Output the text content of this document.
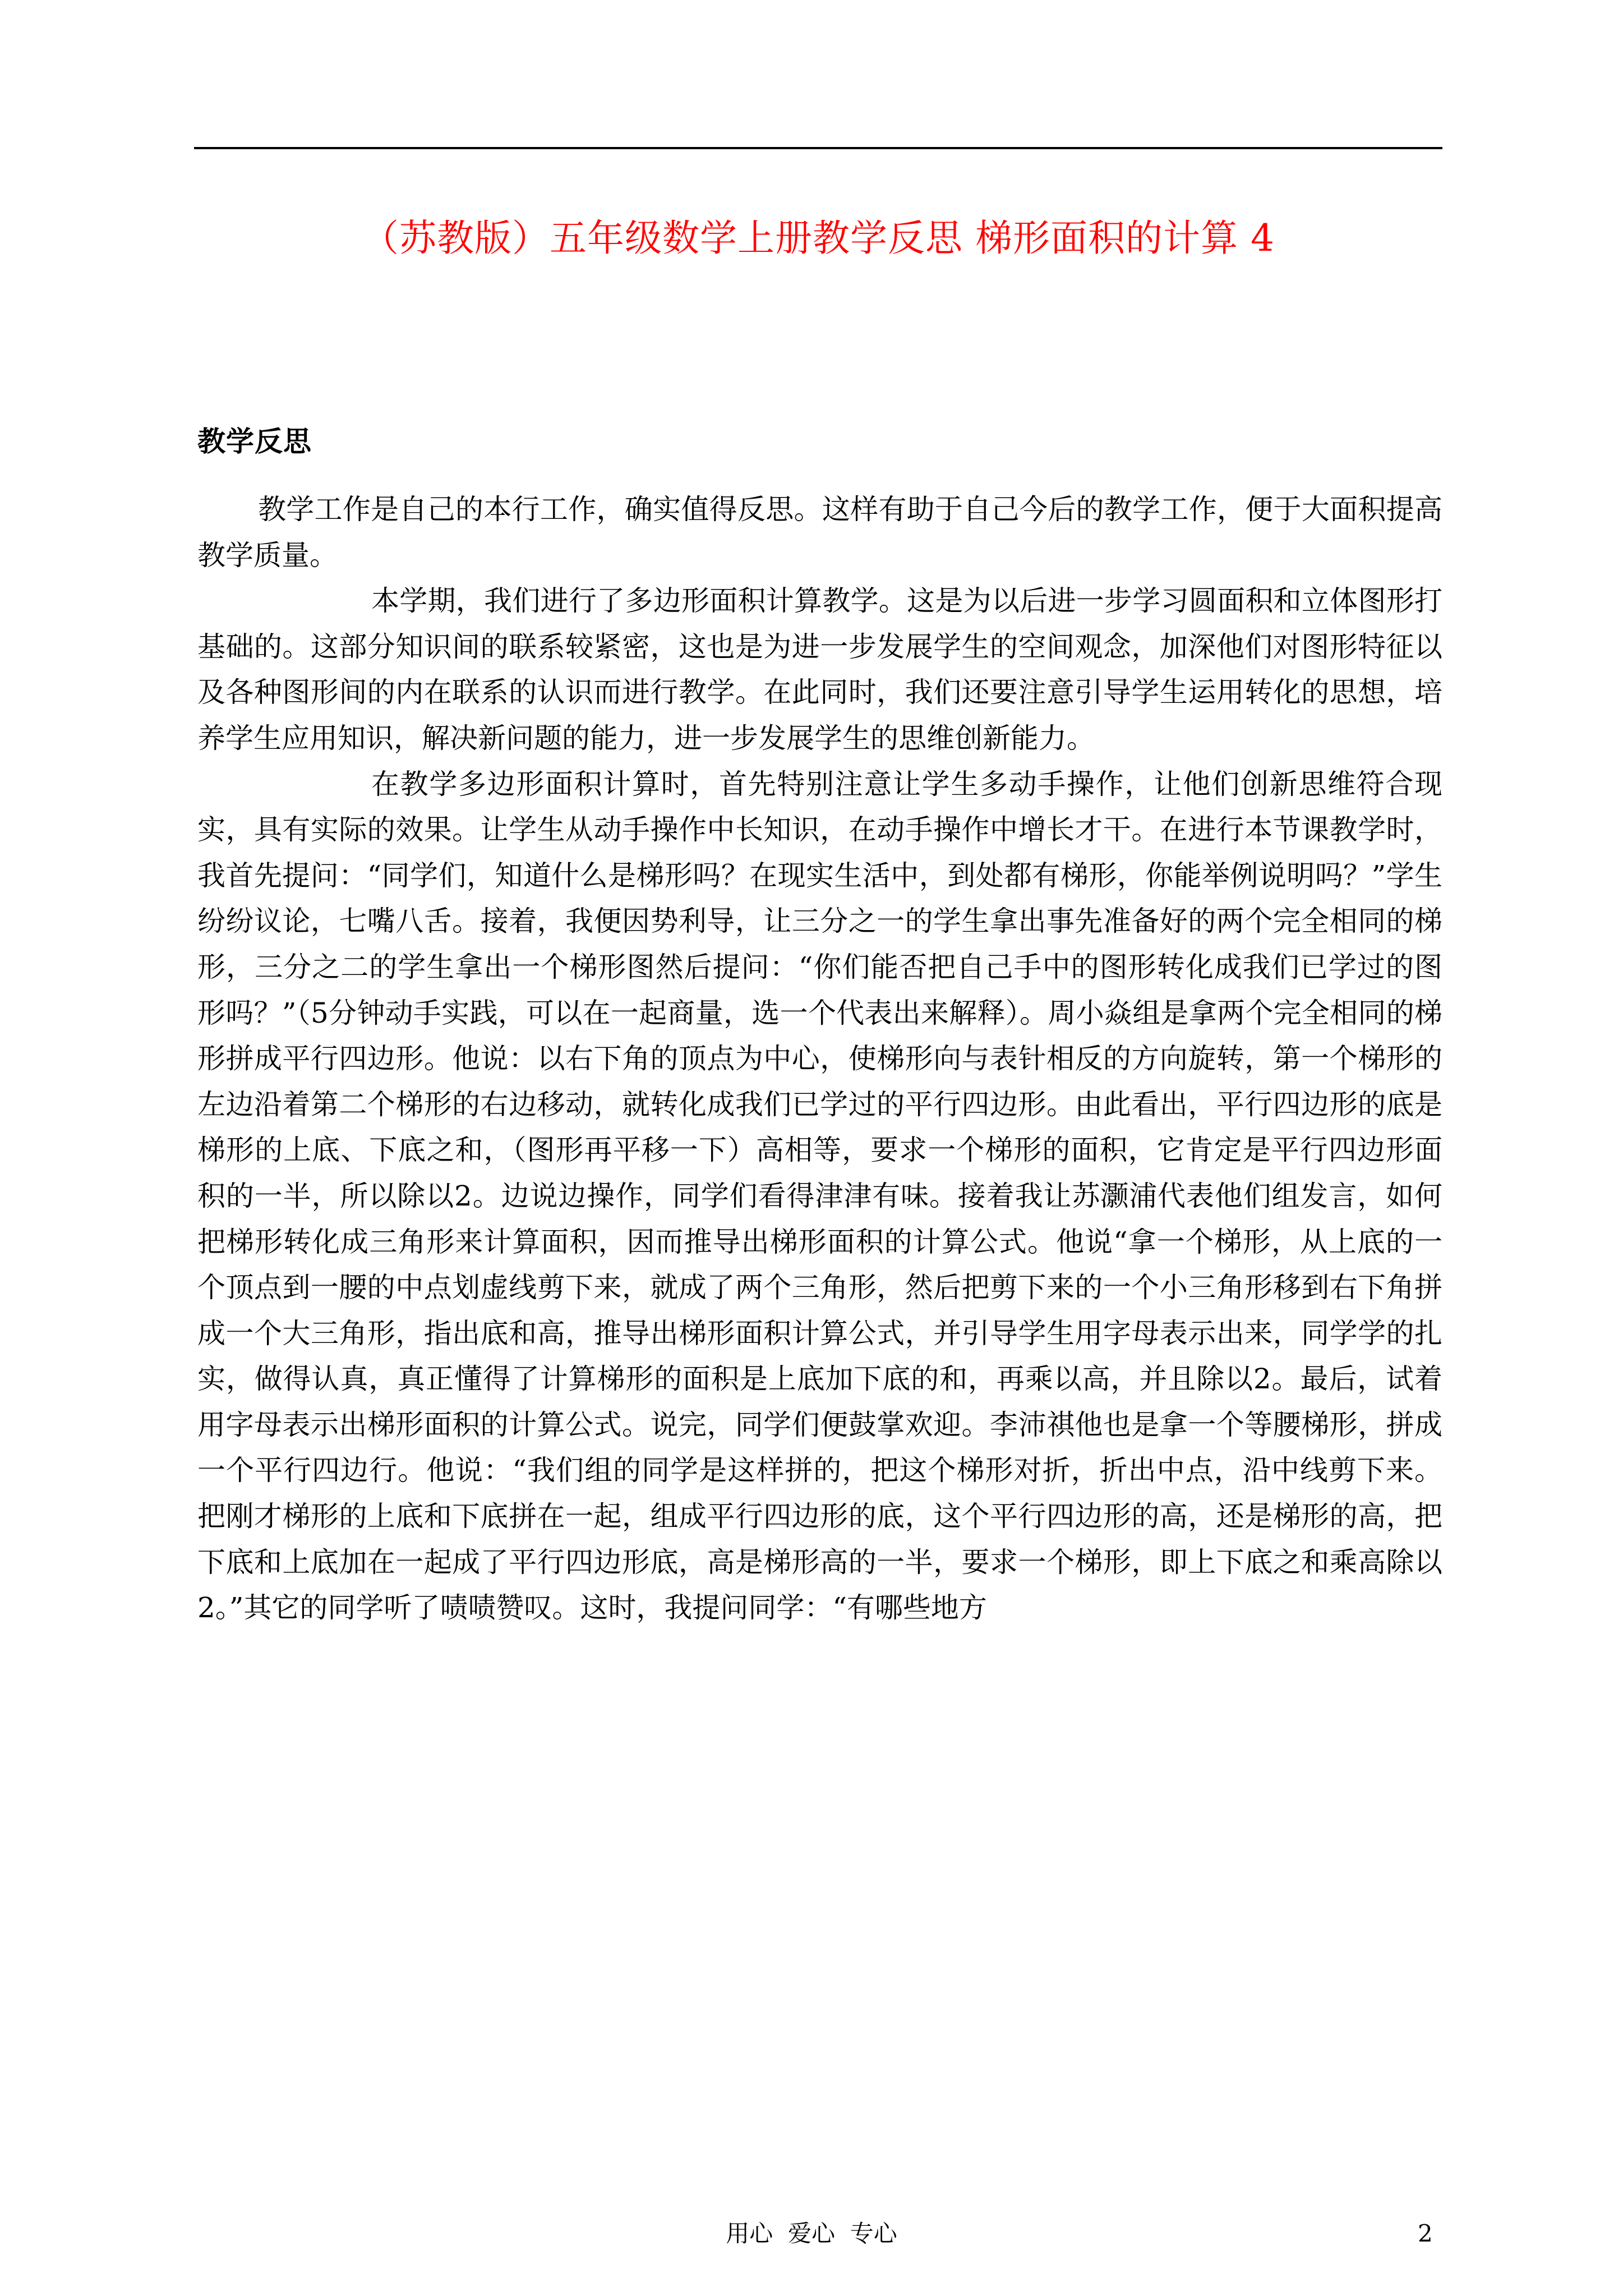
（苏教版）五年级数学上册教学反思 梯形面积的计算 4
教学反思

教学工作是自己的本行工作，确实值得反思。这样有助于自己今后的教学工作，便于大面积提高教学质量。

本学期，我们进行了多边形面积计算教学。这是为以后进一步学习圆面积和立体图形打基础的。这部分知识间的联系较紧密，这也是为进一步发展学生的空间观念，加深他们对图形特征以及各种图形间的内在联系的认识而进行教学。在此同时，我们还要注意引导学生运用转化的思想，培养学生应用知识，解决新问题的能力，进一步发展学生的思维创新能力。

在教学多边形面积计算时，首先特别注意让学生多动手操作，让他们创新思维符合现实，具有实际的效果。让学生从动手操作中长知识，在动手操作中增长才干。在进行本节课教学时，我首先提问：“同学们，知道什么是梯形吗？在现实生活中，到处都有梯形，你能举例说明吗？”学生纷纷议论，七嘴八舌。接着，我便因势利导，让三分之一的学生拿出事先准备好的两个完全相同的梯形，三分之二的学生拿出一个梯形图然后提问：“你们能否把自己手中的图形转化成我们已学过的图形吗？”（5分钟动手实践，可以在一起商量，选一个代表出来解释）。周小焱组是拿两个完全相同的梯形拼成平行四边形。他说：以右下角的顶点为中心，使梯形向与表针相反的方向旋转，第一个梯形的左边沿着第二个梯形的右边移动，就转化成我们已学过的平行四边形。由此看出，平行四边形的底是梯形的上底、下底之和，（图形再平移一下）高相等，要求一个梯形的面积，它肯定是平行四边形面积的一半，所以除以2。边说边操作，同学们看得津津有味。接着我让苏灏浦代表他们组发言，如何把梯形转化成三角形来计算面积，因而推导出梯形面积的计算公式。他说“拿一个梯形，从上底的一个顶点到一腰的中点划虚线剪下来，就成了两个三角形，然后把剪下来的一个小三角形移到右下角拼成一个大三角形，指出底和高，推导出梯形面积计算公式，并引导学生用字母表示出来，同学学的扎实，做得认真，真正懂得了计算梯形的面积是上底加下底的和，再乘以高，并且除以2。最后，试着用字母表示出梯形面积的计算公式。说完，同学们便鼓掌欢迎。李沛祺他也是拿一个等腰梯形，拼成一个平行四边行。他说：“我们组的同学是这样拼的，把这个梯形对折，折出中点，沿中线剪下来。把刚才梯形的上底和下底拼在一起，组成平行四边形的底，这个平行四边形的高，还是梯形的高，把下底和上底加在一起成了平行四边形底，高是梯形高的一半，要求一个梯形，即上下底之和乘高除以2。”其它的同学听了啧啧赞叹。这时，我提问同学：“有哪些地方

用心  爱心  专心	2
